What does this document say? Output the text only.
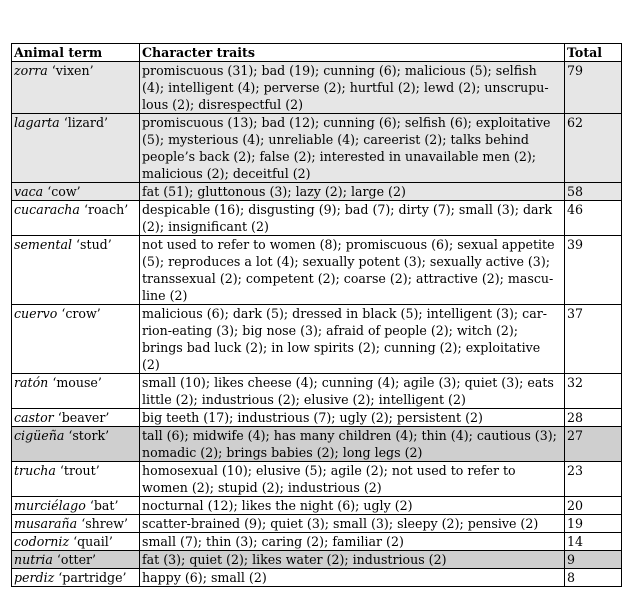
Animal term	Character traits	Total
zorra ‘vixen’	promiscuous (31); bad (19); cunning (6); malicious (5); selfish (4); intelligent (4); perverse (2); hurtful (2); lewd (2); unscrupu-lous (2); disrespectful (2)	79
lagarta ‘lizard’	promiscuous (13); bad (12); cunning (6); selfish (6); exploitative (5); mysterious (4); unreliable (4); careerist (2); talks behind people’s back (2); false (2); interested in unavailable men (2); malicious (2); deceitful (2)	62
vaca ‘cow’	fat (51); gluttonous (3); lazy (2); large (2)	58
cucaracha ‘roach’	despicable (16); disgusting (9); bad (7); dirty (7); small (3); dark (2); insignificant (2)	46
semental ‘stud’	not used to refer to women (8); promiscuous (6); sexual appetite (5); reproduces a lot (4); sexually potent (3); sexually active (3); transsexual (2); competent (2); coarse (2); attractive (2); mascu- line (2)	39
cuervo ‘crow’	malicious (6); dark (5); dressed in black (5); intelligent (3); car-rion-eating (3); big nose (3); afraid of people (2); witch (2); brings bad luck (2); in low spirits (2); cunning (2); exploitative (2)	37
ratón ‘mouse’	small (10); likes cheese (4); cunning (4); agile (3); quiet (3); eats little (2); industrious (2); elusive (2); intelligent (2)	32
castor ‘beaver’	big teeth (17); industrious (7); ugly (2); persistent (2)	28
cigüeña ‘stork’	tall (6); midwife (4); has many children (4); thin (4); cautious (3); nomadic (2); brings babies (2); long legs (2)	27
trucha ‘trout’	homosexual (10); elusive (5); agile (2); not used to refer to women (2); stupid (2); industrious (2)	23
murciélago ‘bat’	nocturnal (12); likes the night (6); ugly (2)	20
musaraña ‘shrew’	scatter-brained (9); quiet (3); small (3); sleepy (2); pensive (2)	19
codorniz ‘quail’	small (7); thin (3); caring (2); familiar (2)	14
nutria ‘otter’	fat (3); quiet (2); likes water (2); industrious (2)	9
perdiz ‘partridge’	happy (6); small (2)	8
